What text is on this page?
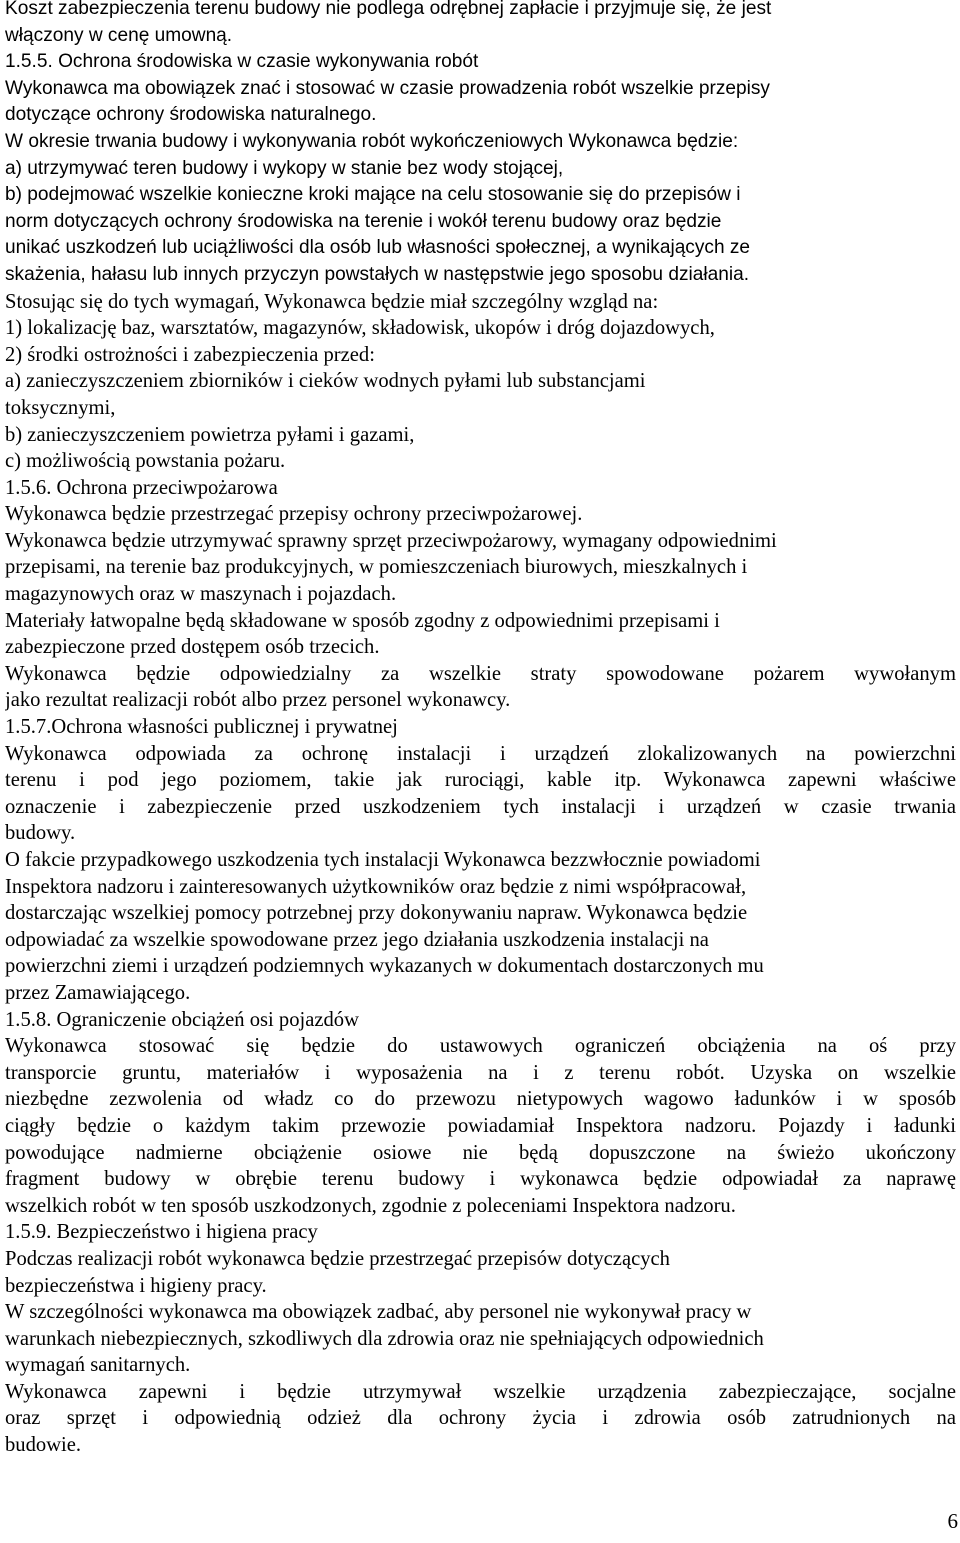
Koszt zabezpieczenia terenu budowy nie podlega odrębnej zapłacie i przyjmuje się, że jest
włączony w cenę umowną.
1.5.5. Ochrona środowiska w czasie wykonywania robót
Wykonawca ma obowiązek znać i stosować w czasie prowadzenia robót wszelkie przepisy
dotyczące ochrony środowiska naturalnego.
W okresie trwania budowy i wykonywania robót wykończeniowych Wykonawca będzie:
a) utrzymywać teren budowy i wykopy w stanie bez wody stojącej,
b) podejmować wszelkie konieczne kroki mające na celu stosowanie się do przepisów i
norm dotyczących ochrony środowiska na terenie i wokół terenu budowy oraz będzie
unikać uszkodzeń lub uciążliwości dla osób lub własności społecznej, a wynikających ze
skażenia, hałasu lub innych przyczyn powstałych w następstwie jego sposobu działania.
Stosując się do tych wymagań, Wykonawca będzie miał szczególny wzgląd na:
1) lokalizację baz, warsztatów, magazynów, składowisk, ukopów i dróg dojazdowych,
2) środki ostrożności i zabezpieczenia przed:
a) zanieczyszczeniem zbiorników i cieków wodnych pyłami lub substancjami
toksycznymi,
b) zanieczyszczeniem powietrza pyłami i gazami,
c) możliwością powstania pożaru.
1.5.6. Ochrona przeciwpożarowa
Wykonawca będzie przestrzegać przepisy ochrony przeciwpożarowej.
Wykonawca będzie utrzymywać sprawny sprzęt przeciwpożarowy, wymagany odpowiednimi
przepisami, na terenie baz produkcyjnych, w pomieszczeniach biurowych, mieszkalnych i
magazynowych oraz w maszynach i pojazdach.
Materiały łatwopalne będą składowane w sposób zgodny z odpowiednimi przepisami i
zabezpieczone przed dostępem osób trzecich.
Wykonawca będzie odpowiedzialny za wszelkie straty spowodowane pożarem wywołanym
jako rezultat realizacji robót albo przez personel wykonawcy.
1.5.7.Ochrona własności publicznej i prywatnej
Wykonawca odpowiada za ochronę instalacji i urządzeń zlokalizowanych na powierzchni
terenu i pod jego poziomem, takie jak rurociągi, kable itp. Wykonawca zapewni właściwe
oznaczenie i zabezpieczenie przed uszkodzeniem tych instalacji i urządzeń w czasie trwania
budowy.
O fakcie przypadkowego uszkodzenia tych instalacji Wykonawca bezzwłocznie powiadomi
Inspektora nadzoru i zainteresowanych użytkowników oraz będzie z nimi współpracował,
dostarczając wszelkiej pomocy potrzebnej przy dokonywaniu napraw. Wykonawca będzie
odpowiadać za wszelkie spowodowane przez jego działania uszkodzenia instalacji na
powierzchni ziemi i urządzeń podziemnych wykazanych w dokumentach dostarczonych mu
przez Zamawiającego.
1.5.8. Ograniczenie obciążeń osi pojazdów
Wykonawca stosować się będzie do ustawowych ograniczeń obciążenia na oś przy
transporcie gruntu, materiałów i wyposażenia na i z terenu robót. Uzyska on wszelkie
niezbędne zezwolenia od władz co do przewozu nietypowych wagowo ładunków i w sposób
ciągły będzie o każdym takim przewozie powiadamiał Inspektora nadzoru. Pojazdy i ładunki
powodujące nadmierne obciążenie osiowe nie będą dopuszczone na świeżo ukończony
fragment budowy w obrębie terenu budowy i wykonawca będzie odpowiadał za naprawę
wszelkich robót w ten sposób uszkodzonych, zgodnie z poleceniami Inspektora nadzoru.
1.5.9. Bezpieczeństwo i higiena pracy
Podczas realizacji robót wykonawca będzie przestrzegać przepisów dotyczących
bezpieczeństwa i higieny pracy.
W szczególności wykonawca ma obowiązek zadbać, aby personel nie wykonywał pracy w
warunkach niebezpiecznych, szkodliwych dla zdrowia oraz nie spełniających odpowiednich
wymagań sanitarnych.
Wykonawca zapewni i będzie utrzymywał wszelkie urządzenia zabezpieczające, socjalne
oraz sprzęt i odpowiednią odzież dla ochrony życia i zdrowia osób zatrudnionych na
budowie.
6
